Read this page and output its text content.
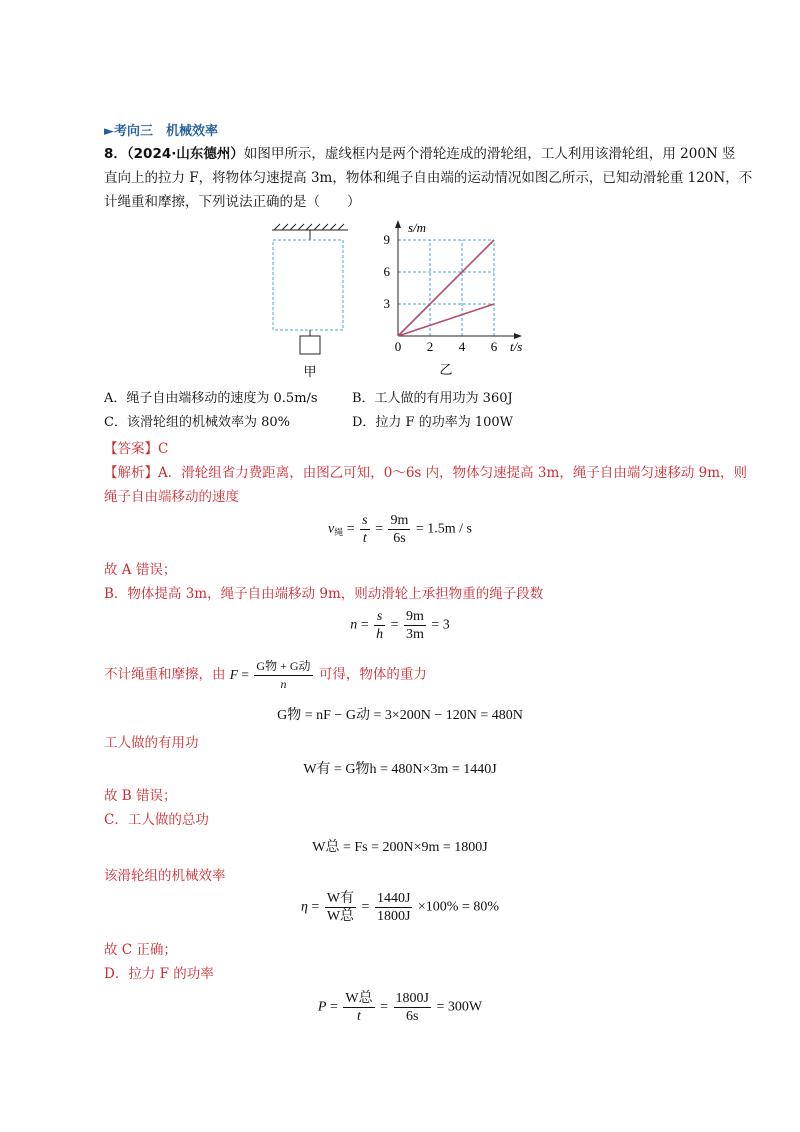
►考向三　机械效率
8．（2024·山东德州）如图甲所示，虚线框内是两个滑轮连成的滑轮组，工人利用该滑轮组，用 200N 竖
直向上的拉力 F，将物体匀速提高 3m，物体和绳子自由端的运动情况如图乙所示，已知动滑轮重 120N，不
计绳重和摩擦，下列说法正确的是（　　）
甲
0 2 4 6
3
6
9
s/m
t/s
乙
A．绳子自由端移动的速度为 0.5m/s	B．工人做的有用功为 360J
C．该滑轮组的机械效率为 80%	D．拉力 F 的功率为 100W
【答案】C
【解析】A．滑轮组省力费距离，由图乙可知，0～6s 内，物体匀速提高 3m，绳子自由端匀速移动 9m，则
绳子自由端移动的速度
$v_绳 = \frac{s}{t} = \frac{9m}{6s} = 1.5m / s$
故 A 错误；
B．物体提高 3m，绳子自由端移动 9m，则动滑轮上承担物重的绳子段数
$n = \frac{s}{h} = \frac{9m}{3m} = 3$
不计绳重和摩擦，由 $F = \frac{\text{G物 + G动}}{n}$ 可得，物体的重力
G物 = nF − G动 = 3×200N − 120N = 480N
工人做的有用功
W有 = G物h = 480N×3m = 1440J
故 B 错误；
C．工人做的总功
W总 = Fs = 200N×9m = 1800J
该滑轮组的机械效率
$\eta = \frac{\text{W有}}{\text{W总}} = \frac{1440J}{1800J} \times 100\% = 80\%$
故 C 正确；
D．拉力 F 的功率
$P = \frac{\text{W总}}{t} = \frac{1800J}{6s} = 300W$
